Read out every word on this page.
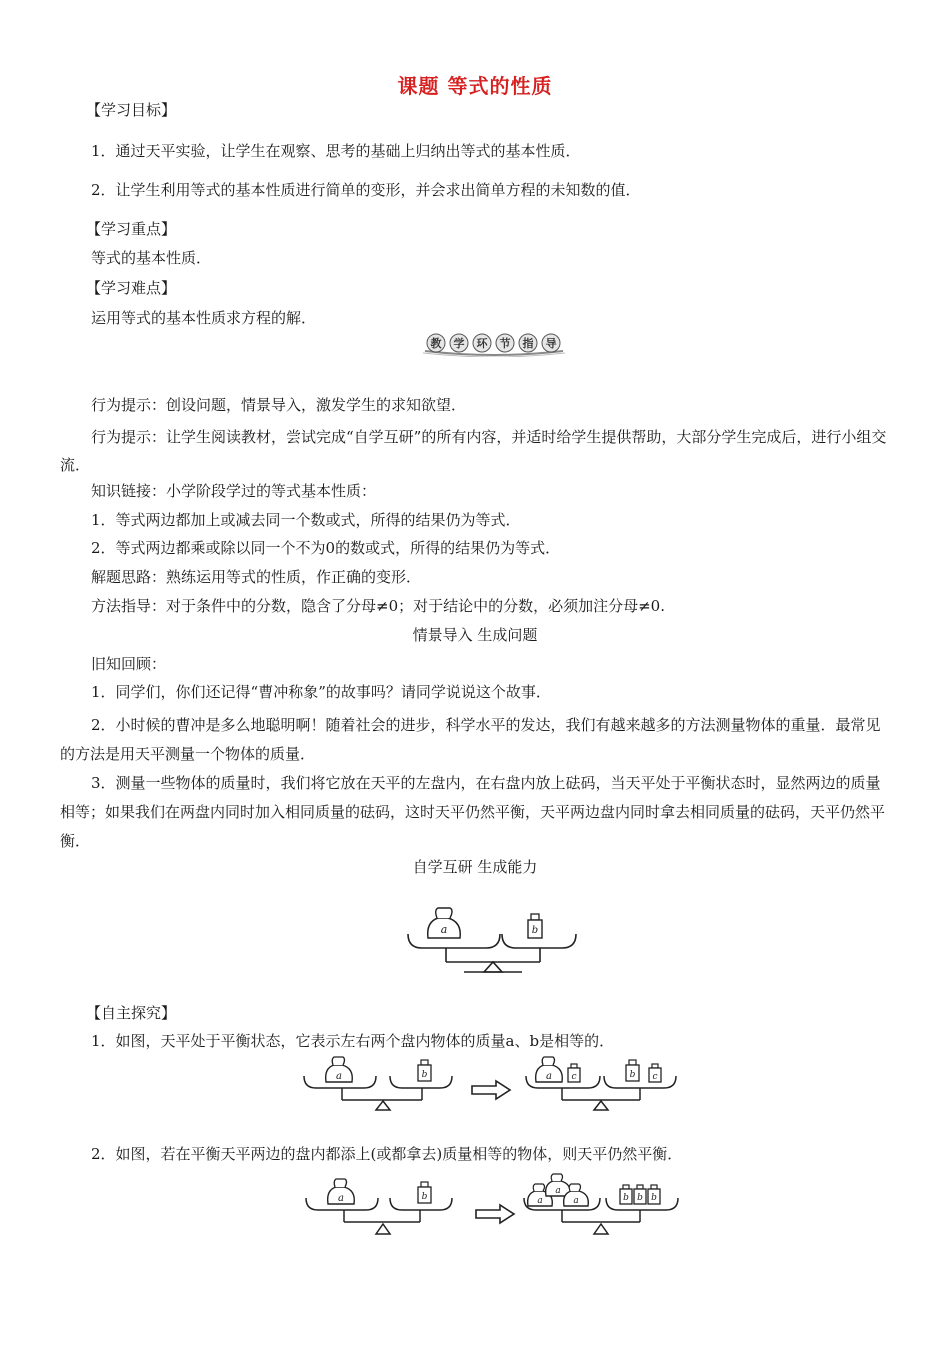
课题 等式的性质
【学习目标】
1．通过天平实验，让学生在观察、思考的基础上归纳出等式的基本性质．
2．让学生利用等式的基本性质进行简单的变形，并会求出简单方程的未知数的值．
【学习重点】
等式的基本性质．
【学习难点】
运用等式的基本性质求方程的解．
教 学 环 节 指 导
行为提示：创设问题，情景导入，激发学生的求知欲望．
行为提示：让学生阅读教材，尝试完成“自学互研”的所有内容，并适时给学生提供帮助，大部分学生完成后，进行小组交流．
知识链接：小学阶段学过的等式基本性质：
1．等式两边都加上或减去同一个数或式，所得的结果仍为等式．
2．等式两边都乘或除以同一个不为0的数或式，所得的结果仍为等式．
解题思路：熟练运用等式的性质，作正确的变形．
方法指导：对于条件中的分数，隐含了分母≠0；对于结论中的分数，必须加注分母≠0.
情景导入 生成问题
旧知回顾：
1．同学们，你们还记得“曹冲称象”的故事吗？请同学说说这个故事．
2．小时候的曹冲是多么地聪明啊！随着社会的进步，科学水平的发达，我们有越来越多的方法测量物体的重量．最常见的方法是用天平测量一个物体的质量．
3．测量一些物体的质量时，我们将它放在天平的左盘内，在右盘内放上砝码，当天平处于平衡状态时，显然两边的质量相等；如果我们在两盘内同时加入相同质量的砝码，这时天平仍然平衡，天平两边盘内同时拿去相同质量的砝码，天平仍然平衡．
自学互研 生成能力
a	b
【自主探究】
1．如图，天平处于平衡状态，它表示左右两个盘内物体的质量a、b是相等的．
a	b	a c	b c
2．如图，若在平衡天平两边的盘内都添上(或都拿去)质量相等的物体，则天平仍然平衡．
a	b	a
a
a	b b b
